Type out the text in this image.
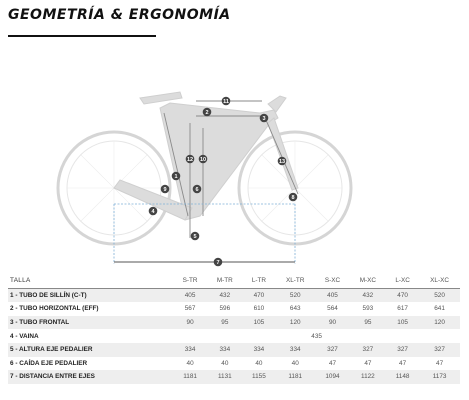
GEOMETRÍA & ERGONOMÍA
11
2
3
12 10	13
1
9	6
8
4
5
7
TALLA	S-TR	M-TR	L-TR	XL-TR	S-XC	M-XC	L-XC	XL-XC
1 - TUBO DE SILLÍN (C-T)	405	432	470	520	405	432	470	520
2 - TUBO HORIZONTAL (EFF)	567	596	610	643	564	593	617	641
3 - TUBO FRONTAL	90	95	105	120	90	95	105	120
4 - VAINA	435							
5 - ALTURA EJE PEDALIER	334	334	334	334	327	327	327	327
6 - CAÍDA EJE PEDALIER	40	40	40	40	47	47	47	47
7 - DISTANCIA ENTRE EJES	1181	1131	1155	1181	1094	1122	1148	1173
